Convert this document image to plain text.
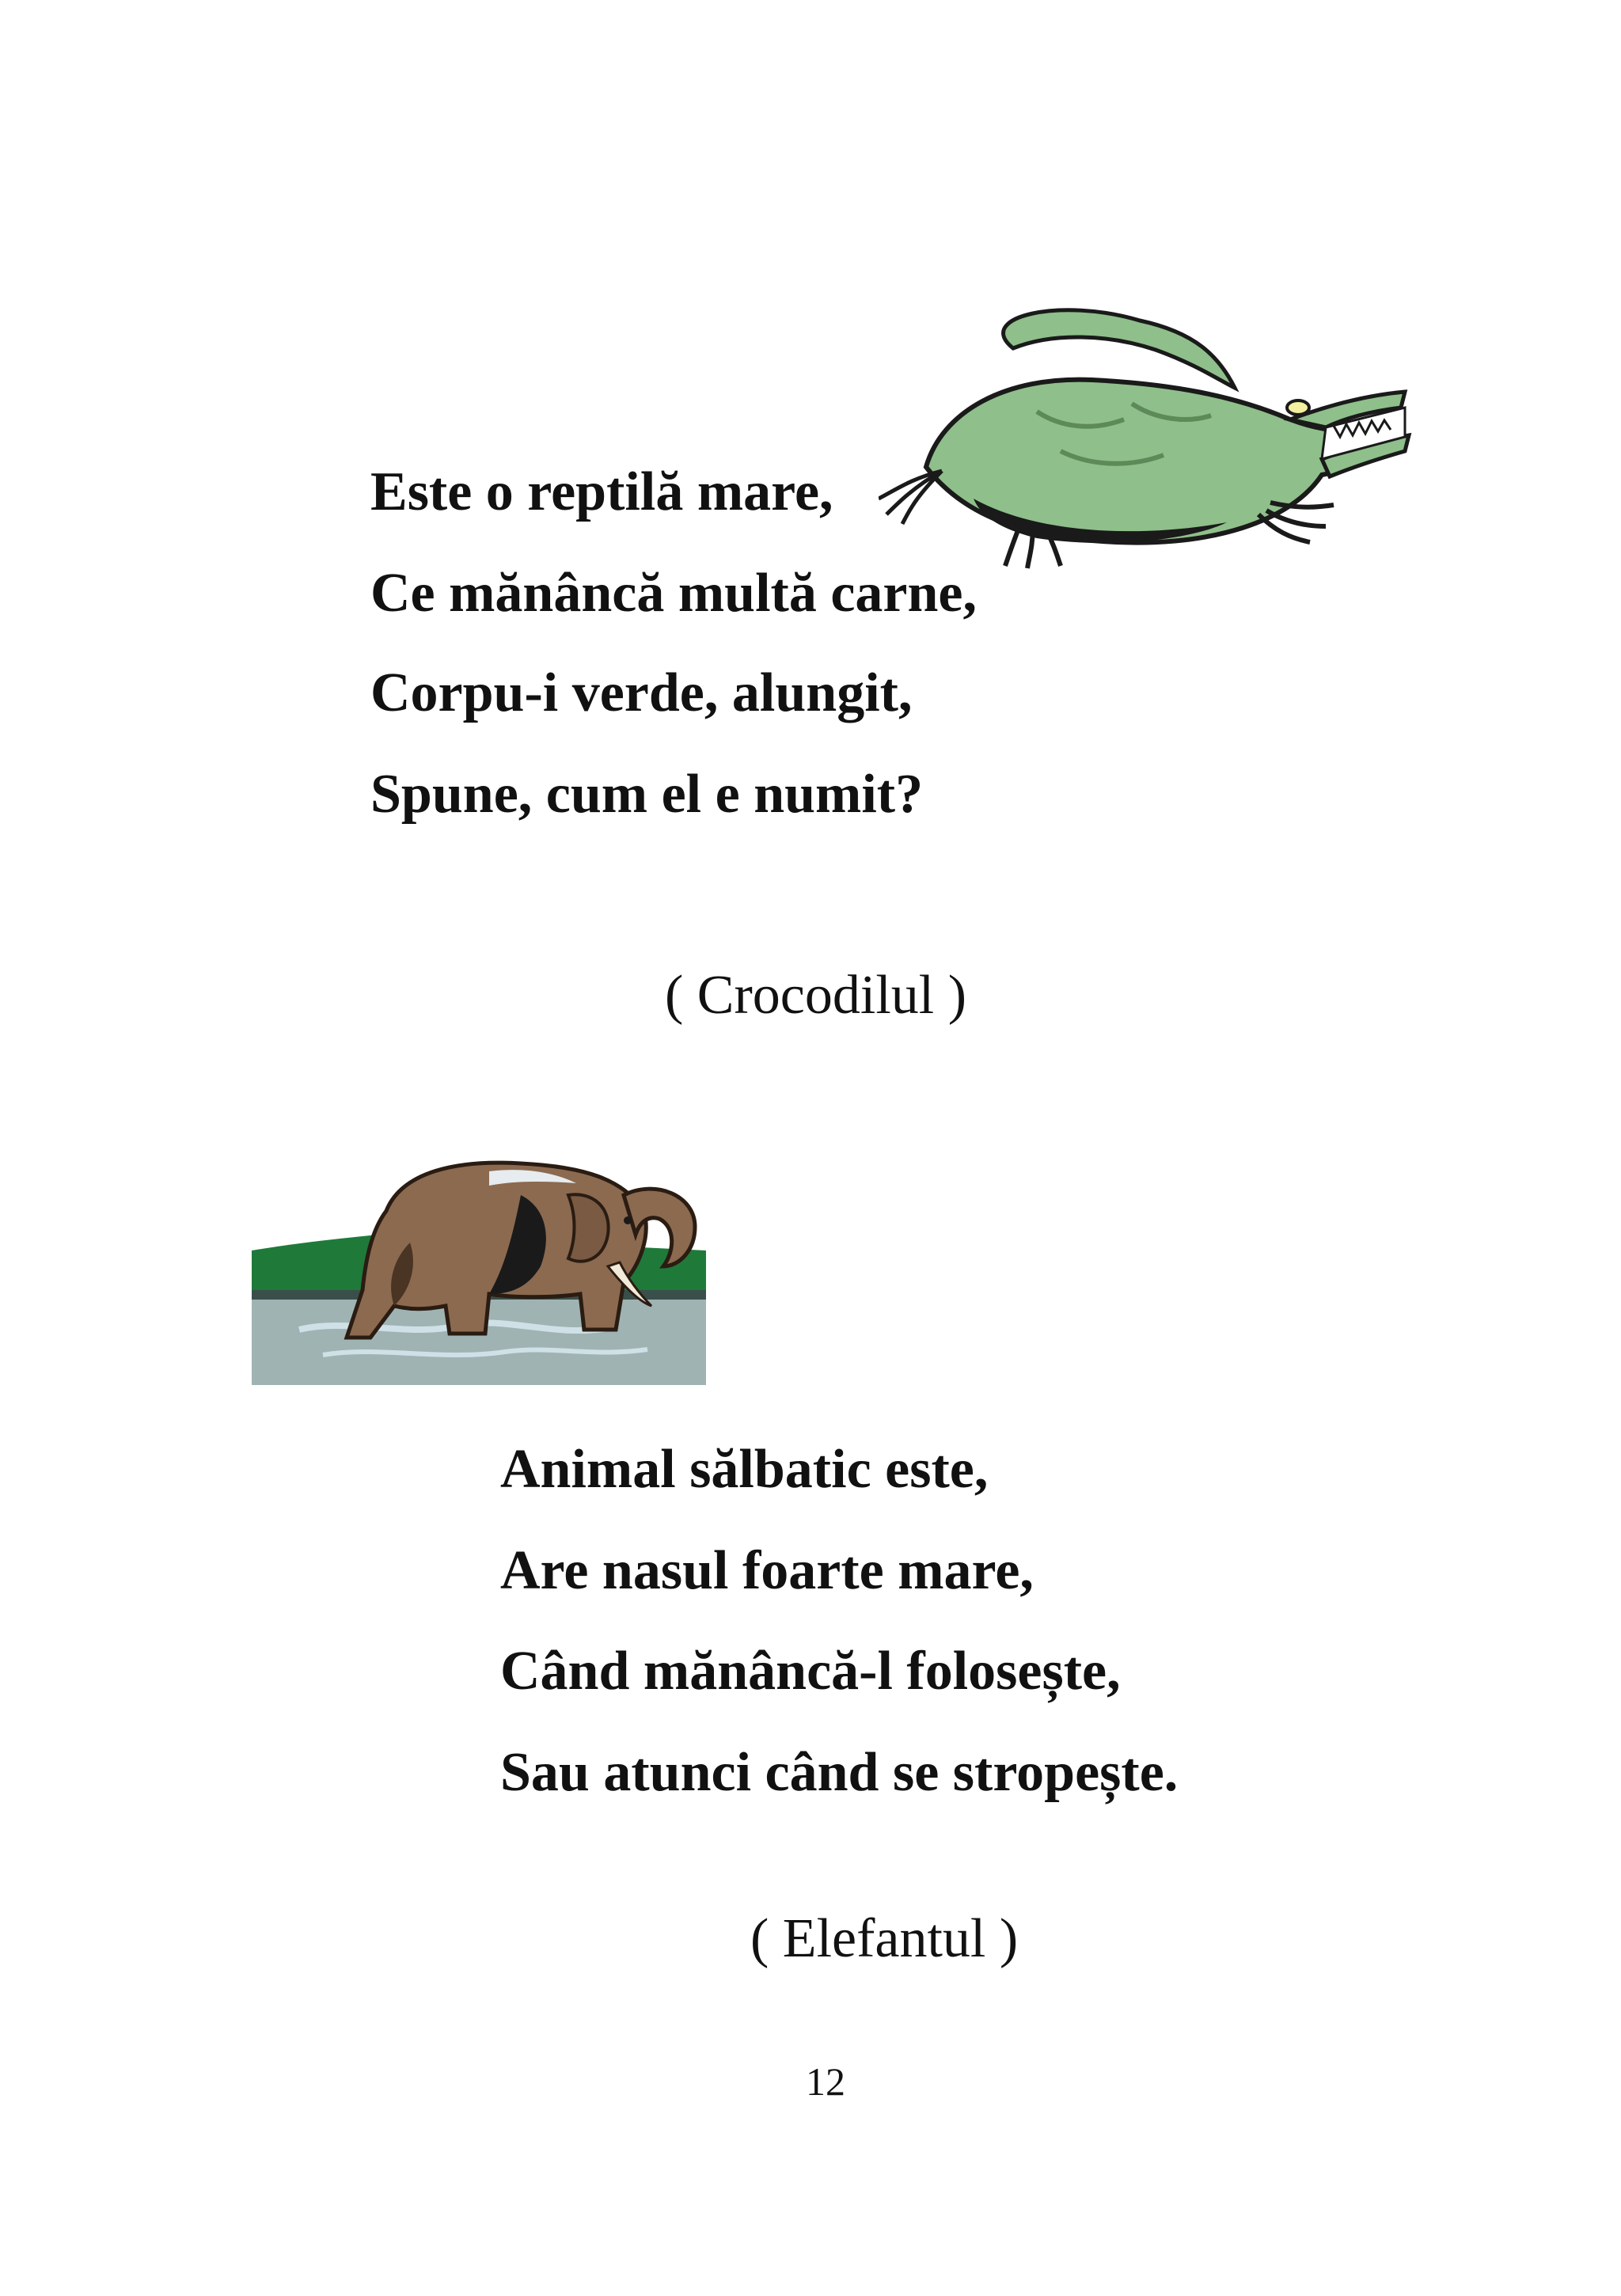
Este o reptilă mare,
Ce mănâncă multă carne,
Corpu-i verde, alungit,
Spune, cum el e numit?
( Crocodilul )
Animal sălbatic este,
Are nasul foarte mare,
Când mănâncă-l folosește,
Sau atunci când se stropește.
( Elefantul )
12
